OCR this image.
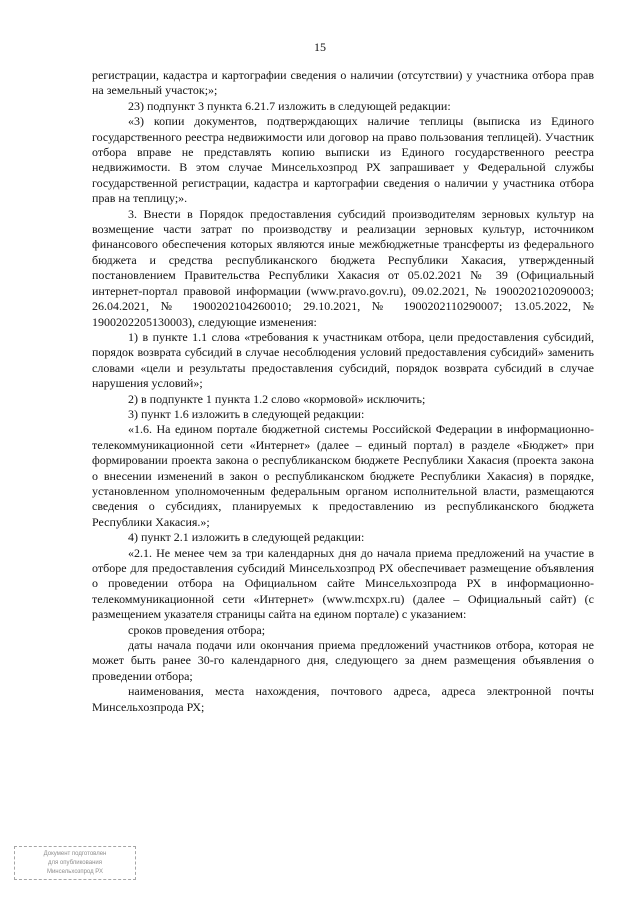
15

регистрации, кадастра и картографии сведения о наличии (отсутствии) у участника отбора прав на земельный участок;»;

23) подпункт 3 пункта 6.21.7 изложить в следующей редакции:

«3) копии документов, подтверждающих наличие теплицы (выписка из Единого государственного реестра недвижимости или договор на право пользования теплицей). Участник отбора вправе не представлять копию выписки из Единого государственного реестра недвижимости. В этом случае Минсельхозпрод РХ запрашивает у Федеральной службы государственной регистрации, кадастра и картографии сведения о наличии у участника отбора прав на теплицу;».

3. Внести в Порядок предоставления субсидий производителям зерновых культур на возмещение части затрат по производству и реализации зерновых культур, источником финансового обеспечения которых являются иные межбюджетные трансферты из федерального бюджета и средства республиканского бюджета Республики Хакасия, утвержденный постановлением Правительства Республики Хакасия от 05.02.2021 № 39 (Официальный интернет-портал правовой информации (www.pravo.gov.ru), 09.02.2021, № 1900202102090003; 26.04.2021, № 1900202104260010; 29.10.2021, № 1900202110290007; 13.05.2022, № 1900202205130003), следующие изменения:

1) в пункте 1.1 слова «требования к участникам отбора, цели предоставления субсидий, порядок возврата субсидий в случае несоблюдения условий предоставления субсидий» заменить словами «цели и результаты предоставления субсидий, порядок возврата субсидий в случае нарушения условий»;

2) в подпункте 1 пункта 1.2 слово «кормовой» исключить;

3) пункт 1.6 изложить в следующей редакции:

«1.6. На едином портале бюджетной системы Российской Федерации в информационно-телекоммуникационной сети «Интернет» (далее – единый портал) в разделе «Бюджет» при формировании проекта закона о республиканском бюджете Республики Хакасия (проекта закона о внесении изменений в закон о республиканском бюджете Республики Хакасия) в порядке, установленном уполномоченным федеральным органом исполнительной власти, размещаются сведения о субсидиях, планируемых к предоставлению из республиканского бюджета Республики Хакасия.»;

4) пункт 2.1 изложить в следующей редакции:

«2.1. Не менее чем за три календарных дня до начала приема предложений на участие в отборе для предоставления субсидий Минсельхозпрод РХ обеспечивает размещение объявления о проведении отбора на Официальном сайте Минсельхозпрода РХ в информационно-телекоммуникационной сети «Интернет» (www.mcxpx.ru) (далее – Официальный сайт) (с размещением указателя страницы сайта на едином портале) с указанием:

сроков проведения отбора;

даты начала подачи или окончания приема предложений участников отбора, которая не может быть ранее 30-го календарного дня, следующего за днем размещения объявления о проведении отбора;

наименования, места нахождения, почтового адреса, адреса электронной почты Минсельхозпрода РХ;

Документ подготовлен
для опубликования
Минсельхозпрод РХ
